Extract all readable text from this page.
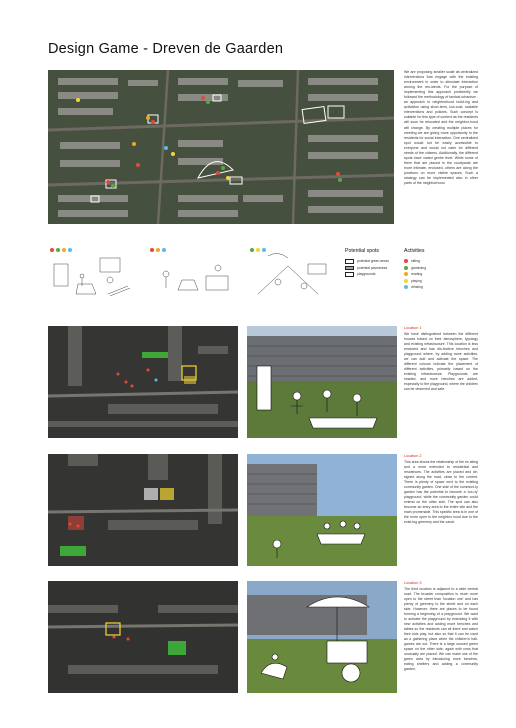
Design Game - Dreven de Gaarden

We are proposing smaller scale de-centralized interventions that engage with the existing environment in order to stimulate interaction among the res-idents. For the purpose of implementing this approach proficiently we followed the methodology of tactical urbanism - an approach to neighborhood build-ing and activation using short-term, low-cost, scalable interventions and policies. Such concept is suitable for this type of context as the residents will soon be relocated and the neighbor-hood will change. By creating multiple places for meeting we are giving more opportunity to the residents for social interaction. One centralized spot would not be easily accessible to everyone and would not cater for different needs of the citizens. Additionally, the different spots have varied gentle level. While some of them that are placed in the courtyards are more intimate, enclosed, others are along the junctions on more visible spaces. Such a strategy can be implemented also in other parts of the neighborhood.

Potential spots
potential green areas
potential pavedness
playgrounds
Activities
sitting
gardening
reading
playing
drinking
Location 1

We have distinguished between the different houses based on their atmosphere, typology and existing infrastructure. This location is less enclosed and has dis-tinctive benches and playground where, by adding more activities, we can add and activate the space. The different colours indicate the placement of different activities, primarily based on the existing infrastructure. Playgrounds are shaded, and more benches are added, especially to the playground, where the children can be observed and safe.

Location 2

This area shows the relationship of the ex-isting and a more extended to residential and residences. The activities are placed and de-signed along the road, close to the current. There is plenty of space next to the existing community garden. One side of the communi-ty garden has the potential to become a 'cou-ty' playground, while the community garden could extend on the other side. The spot can also become an entry area to the entire site and the main promenade. This specific area is in one of the more open to the neighbor hood due to the exist-ing greenery and the canal.

Location 3

The third location is adjacent to a wide central road. The broader composition is much more open to the street than 'location one' and has plenty of greenery to the street and on each side. However, there are places to be found forming a beginning of a playground. We want to activate the playground by extending it with new activities and adding more benches and tables so the residents can sit there and watch their kids play, but also so that it can be used as a gathering place when the children's ball-games are out. There is a large unused green space on the other side, again with rows that unusually are placed. We can make use of the green area by introducing more benches, eating shelters and adding a community garden.
